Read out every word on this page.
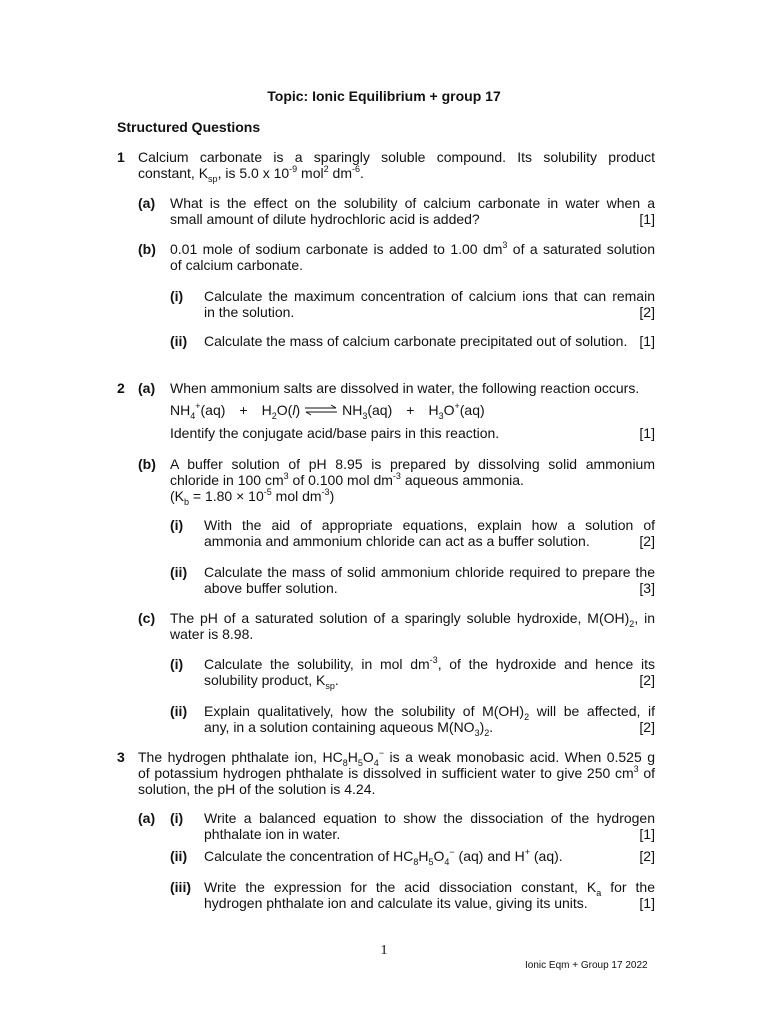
Topic: Ionic Equilibrium + group 17
Structured Questions
1 Calcium carbonate is a sparingly soluble compound. Its solubility product
constant, $K_{sp}$, is 5.0 x $10^{-9}$ mol$^2$ $dm^{-6}$.
(a) What is the effect on the solubility of calcium carbonate in water when a
small amount of dilute hydrochloric acid is added?	[1]
(b) 0.01 mole of sodium carbonate is added to 1.00 $dm^3$ of a saturated solution
of calcium carbonate.
(i) Calculate the maximum concentration of calcium ions that can remain
in the solution.	[2]
(ii) Calculate the mass of calcium carbonate precipitated out of solution. [1]
2 (a) When ammonium salts are dissolved in water, the following reaction occurs.
$NH_4^+(aq) + H_2O(l)$ ⇌ $NH_3(aq) + H_3O^+(aq)$
Identify the conjugate acid/base pairs in this reaction.	[1]
(b) A buffer solution of pH 8.95 is prepared by dissolving solid ammonium
chloride in 100 $cm^3$ of 0.100 mol $dm^{-3}$ aqueous ammonia.
($K_b = 1.80 \times 10^{-5}$ mol $dm^{-3}$)
(i) With the aid of appropriate equations, explain how a solution of
ammonia and ammonium chloride can act as a buffer solution.	[2]
(ii) Calculate the mass of solid ammonium chloride required to prepare the
above buffer solution.	[3]
(c) The pH of a saturated solution of a sparingly soluble hydroxide, $M(OH)_2$, in
water is 8.98.
(i) Calculate the solubility, in mol $dm^{-3}$, of the hydroxide and hence its
solubility product, $K_{sp}$.	[2]
(ii) Explain qualitatively, how the solubility of $M(OH)_2$ will be affected, if
any, in a solution containing aqueous $M(NO_3)_2$.	[2]
3 The hydrogen phthalate ion, $HC_8H_5O_4^-$ is a weak monobasic acid. When 0.525 g
of potassium hydrogen phthalate is dissolved in sufficient water to give 250 $cm^3$ of
solution, the pH of the solution is 4.24.
(a) (i) Write a balanced equation to show the dissociation of the hydrogen
phthalate ion in water.	[1]
(ii) Calculate the concentration of $HC_8H_5O_4^-$ (aq) and H+ (aq).	[2]
(iii) Write the expression for the acid dissociation constant, $K_a$ for the
hydrogen phthalate ion and calculate its value, giving its units.	[1]
1
Ionic Eqm + Group 17 2022
